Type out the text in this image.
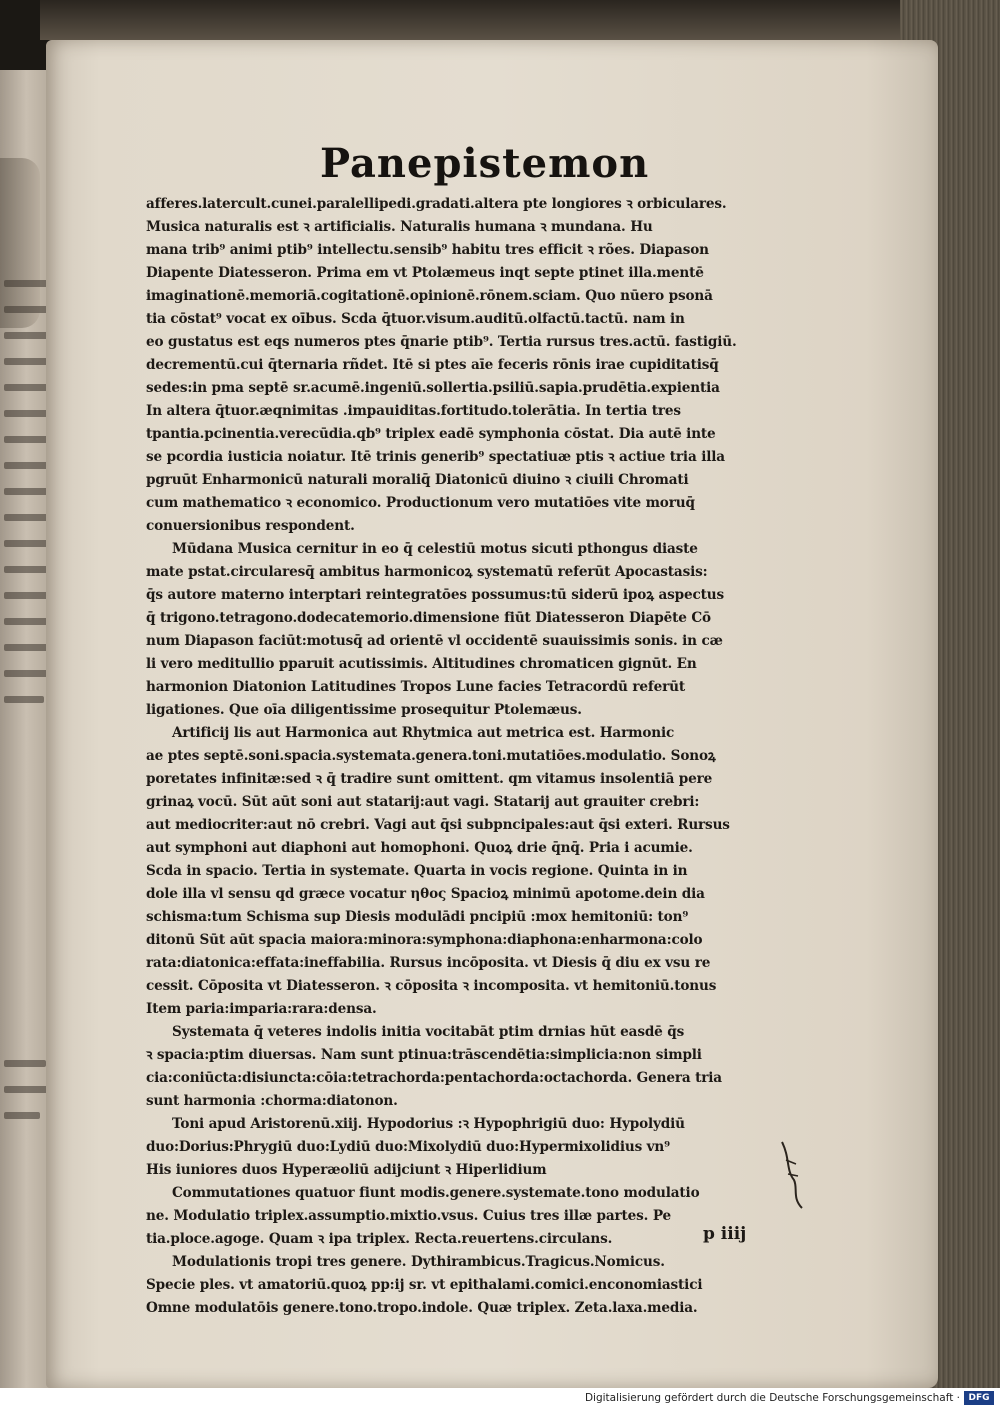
Panepistemon
afferes.latercult.cunei.paralellipedi.gradati.altera pte longiores ꝛ orbiculares.
Musica naturalis est ꝛ artificialis. Naturalis humana ꝛ mundana. Hu
mana trib⁹ animi ptib⁹ intellectu.sensib⁹ habitu tres efficit ꝛ rões. Diapason
Diapente Diatesseron. Prima em vt Ptolæmeus inqt septe ptinet illa.mentē
imaginationē.memoriā.cogitationē.opinionē.rōnem.sciam. Quo nūero psonā
tia cōstat⁹ vocat ex oībus. Scda q̄tuor.visum.auditū.olfactū.tactū. nam in
eo gustatus est eqs numeros ptes q̄narie ptib⁹. Tertia rursus tres.actū. fastigiū.
decrementū.cui q̄ternaria rñdet. Itē si ptes aīe feceris rōnis irae cupiditatisq̄
sedes:in pma septē sr.acumē.ingeniū.sollertia.psiliū.sapia.prudētia.expientia
In altera q̄tuor.æqnimitas .impauiditas.fortitudo.tolerātia. In tertia tres
tpantia.pcinentia.verecūdia.qb⁹ triplex eadē symphonia cōstat. Dia autē inte
se pcordia iusticia noiatur. Itē trinis generib⁹ spectatiuæ ptis ꝛ actiue tria illa
pgruūt Enharmonicū naturali moraliq̄ Diatonicū diuino ꝛ ciuili Chromati
cum mathematico ꝛ economico. Productionum vero mutatiōes vite moruq̄
conuersionibus respondent.
Mūdana Musica cernitur in eo q̄ celestiū motus sicuti pthongus diaste
mate pstat.circularesq̄ ambitus harmonicoꝝ systematū referūt Apocastasis:
q̄s autore materno interptari reintegratōes possumus:tū siderū ipoꝝ aspectus
q̄ trigono.tetragono.dodecatemorio.dimensione fiūt Diatesseron Diapēte Cō
num Diapason faciūt:motusq̄ ad orientē vl occidentē suauissimis sonis. in cæ
li vero meditullio pparuit acutissimis. Altitudines chromaticen gignūt. En
harmonion Diatonion Latitudines Tropos Lune facies Tetracordū referūt
ligationes. Que oīa diligentissime prosequitur Ptolemæus.
Artificij lis aut Harmonica aut Rhytmica aut metrica est. Harmonic
ae ptes septē.soni.spacia.systemata.genera.toni.mutatiōes.modulatio. Sonoꝝ
poretates infinitæ:sed ꝛ q̄ tradire sunt omittent. qm vitamus insolentiā pere
grinaꝝ vocū. Sūt aūt soni aut statarij:aut vagi. Statarij aut grauiter crebri:
aut mediocriter:aut nō crebri. Vagi aut q̄si subpncipales:aut q̄si exteri. Rursus
aut symphoni aut diaphoni aut homophoni. Quoꝝ drie q̄nq̄. Pria i acumie.
Scda in spacio. Tertia in systemate. Quarta in vocis regione. Quinta in in
dole illa vl sensu qd græce vocatur ηθος Spacioꝝ minimū apotome.dein dia
schisma:tum Schisma sup Diesis modulādi pncipiū :mox hemitoniū: ton⁹
ditonū Sūt aūt spacia maiora:minora:symphona:diaphona:enharmona:colo
rata:diatonica:effata:ineffabilia. Rursus incōposita. vt Diesis q̄ diu ex vsu re
cessit. Cōposita vt Diatesseron. ꝛ cōposita ꝛ incomposita. vt hemitoniū.tonus
Item paria:imparia:rara:densa.
Systemata q̄ veteres indolis initia vocitabāt ptim drnias hūt easdē q̄s
ꝛ spacia:ptim diuersas. Nam sunt ptinua:trāscendētia:simplicia:non simpli
cia:coniūcta:disiuncta:cōia:tetrachorda:pentachorda:octachorda. Genera tria
sunt harmonia :chorma:diatonon.
Toni apud Aristorenū.xiij. Hypodorius :ꝛ Hypophrigiū duo: Hypolydiū
duo:Dorius:Phrygiū duo:Lydiū duo:Mixolydiū duo:Hypermixolidius vn⁹
His iuniores duos Hyperæoliū adijciunt ꝛ Hiperlidium
Commutationes quatuor fiunt modis.genere.systemate.tono modulatio
ne. Modulatio triplex.assumptio.mixtio.vsus. Cuius tres illæ partes. Pe
tia.ploce.agoge. Quam ꝛ ipa triplex. Recta.reuertens.circulans.
Modulationis tropi tres genere. Dythirambicus.Tragicus.Nomicus.
Specie ples. vt amatoriū.quoꝝ pp:ij sr. vt epithalami.comici.enconomiastici
Omne modulatōis genere.tono.tropo.indole. Quæ triplex. Zeta.laxa.media.
p iiij
Digitalisierung gefördert durch die Deutsche Forschungsgemeinschaft · DFG
